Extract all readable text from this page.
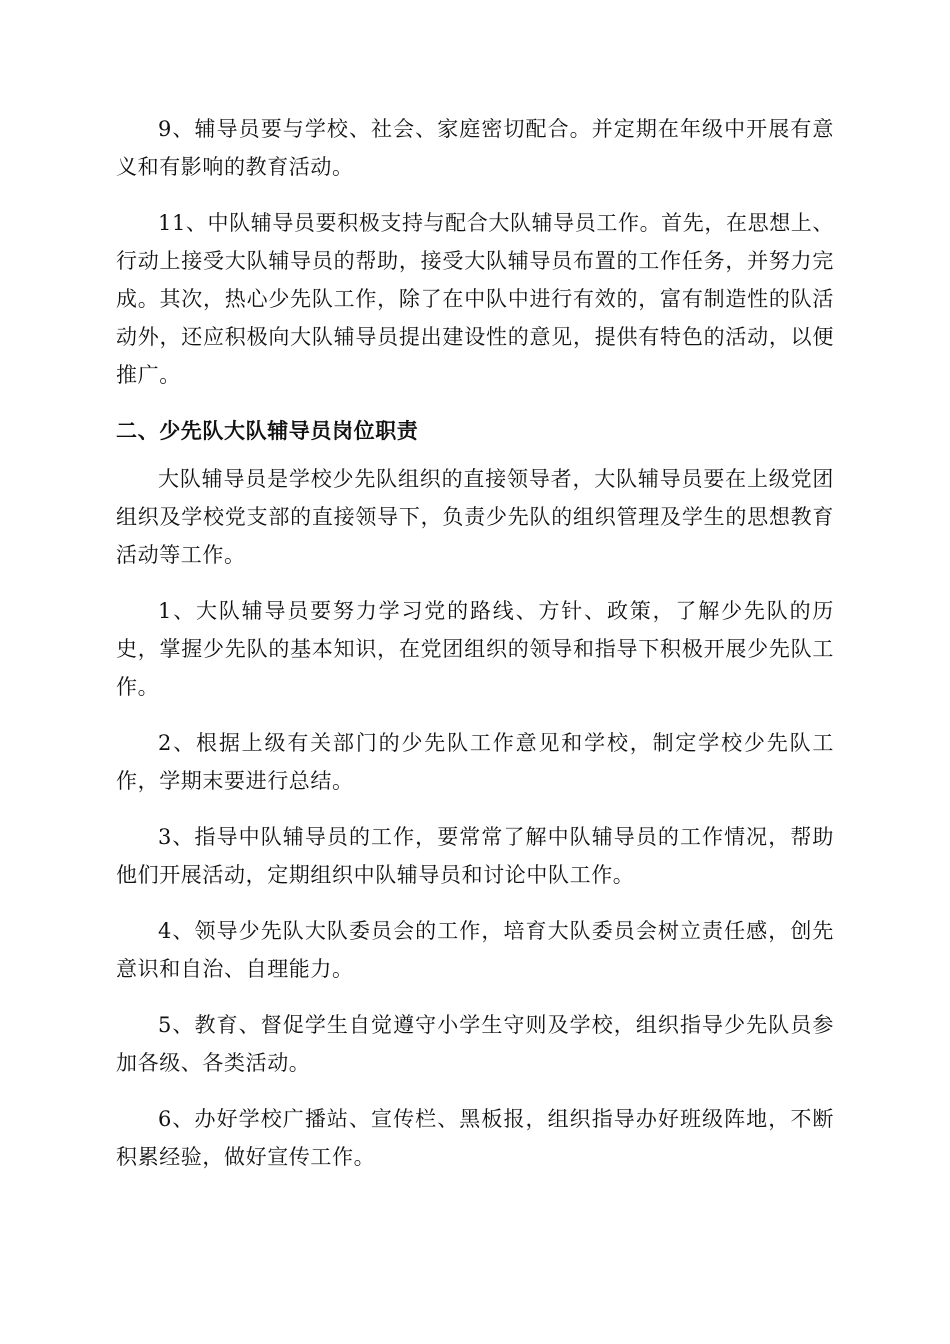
9、辅导员要与学校、社会、家庭密切配合。并定期在年级中开展有意义和有影响的教育活动。

11、中队辅导员要积极支持与配合大队辅导员工作。首先，在思想上、行动上接受大队辅导员的帮助，接受大队辅导员布置的工作任务，并努力完成。其次，热心少先队工作，除了在中队中进行有效的，富有制造性的队活动外，还应积极向大队辅导员提出建设性的意见，提供有特色的活动，以便推广。

二、少先队大队辅导员岗位职责

大队辅导员是学校少先队组织的直接领导者，大队辅导员要在上级党团组织及学校党支部的直接领导下，负责少先队的组织管理及学生的思想教育活动等工作。

1、大队辅导员要努力学习党的路线、方针、政策，了解少先队的历史，掌握少先队的基本知识，在党团组织的领导和指导下积极开展少先队工作。

2、根据上级有关部门的少先队工作意见和学校，制定学校少先队工作，学期末要进行总结。

3、指导中队辅导员的工作，要常常了解中队辅导员的工作情况，帮助他们开展活动，定期组织中队辅导员和讨论中队工作。

4、领导少先队大队委员会的工作，培育大队委员会树立责任感，创先意识和自治、自理能力。

5、教育、督促学生自觉遵守小学生守则及学校，组织指导少先队员参加各级、各类活动。

6、办好学校广播站、宣传栏、黑板报，组织指导办好班级阵地，不断积累经验，做好宣传工作。
